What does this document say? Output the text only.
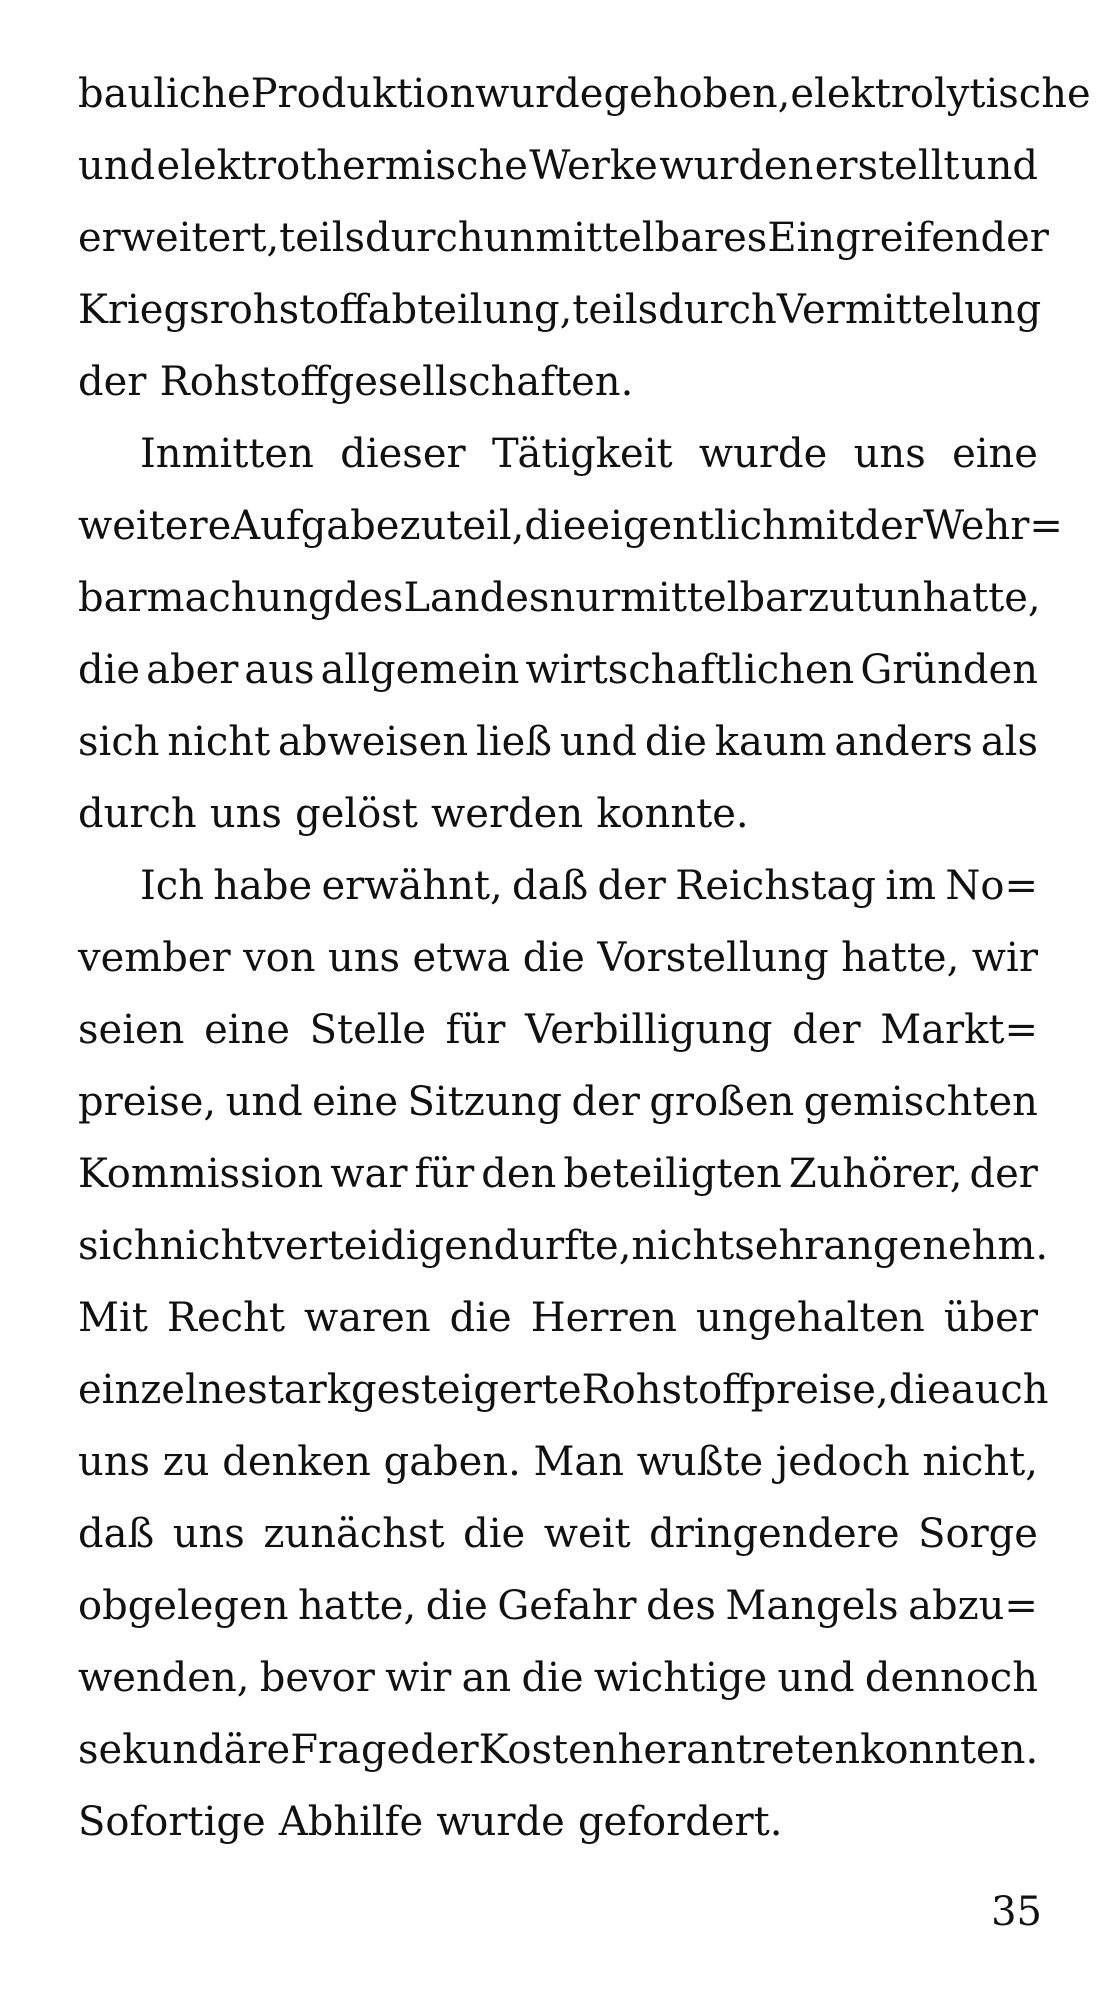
bauliche Produktion wurde gehoben, elektrolytische
und elektrothermische Werke wurden erstellt und
erweitert, teils durch unmittelbares Eingreifen der
Kriegsrohstoffabteilung, teils durch Vermittelung
der Rohstoffgesellschaften.
Inmitten dieser Tätigkeit wurde uns eine
weitere Aufgabe zuteil, die eigentlich mit der Wehr=
barmachung des Landes nur mittelbar zu tun hatte,
die aber aus allgemein wirtschaftlichen Gründen
sich nicht abweisen ließ und die kaum anders als
durch uns gelöst werden konnte.
Ich habe erwähnt, daß der Reichstag im No=
vember von uns etwa die Vorstellung hatte, wir
seien eine Stelle für Verbilligung der Markt=
preise, und eine Sitzung der großen gemischten
Kommission war für den beteiligten Zuhörer, der
sich nicht verteidigen durfte, nicht sehr angenehm.
Mit Recht waren die Herren ungehalten über
einzelne stark gesteigerte Rohstoffpreise, die auch
uns zu denken gaben. Man wußte jedoch nicht,
daß uns zunächst die weit dringendere Sorge
obgelegen hatte, die Gefahr des Mangels abzu=
wenden, bevor wir an die wichtige und dennoch
sekundäre Frage der Kosten herantreten konnten.
Sofortige Abhilfe wurde gefordert.
35
